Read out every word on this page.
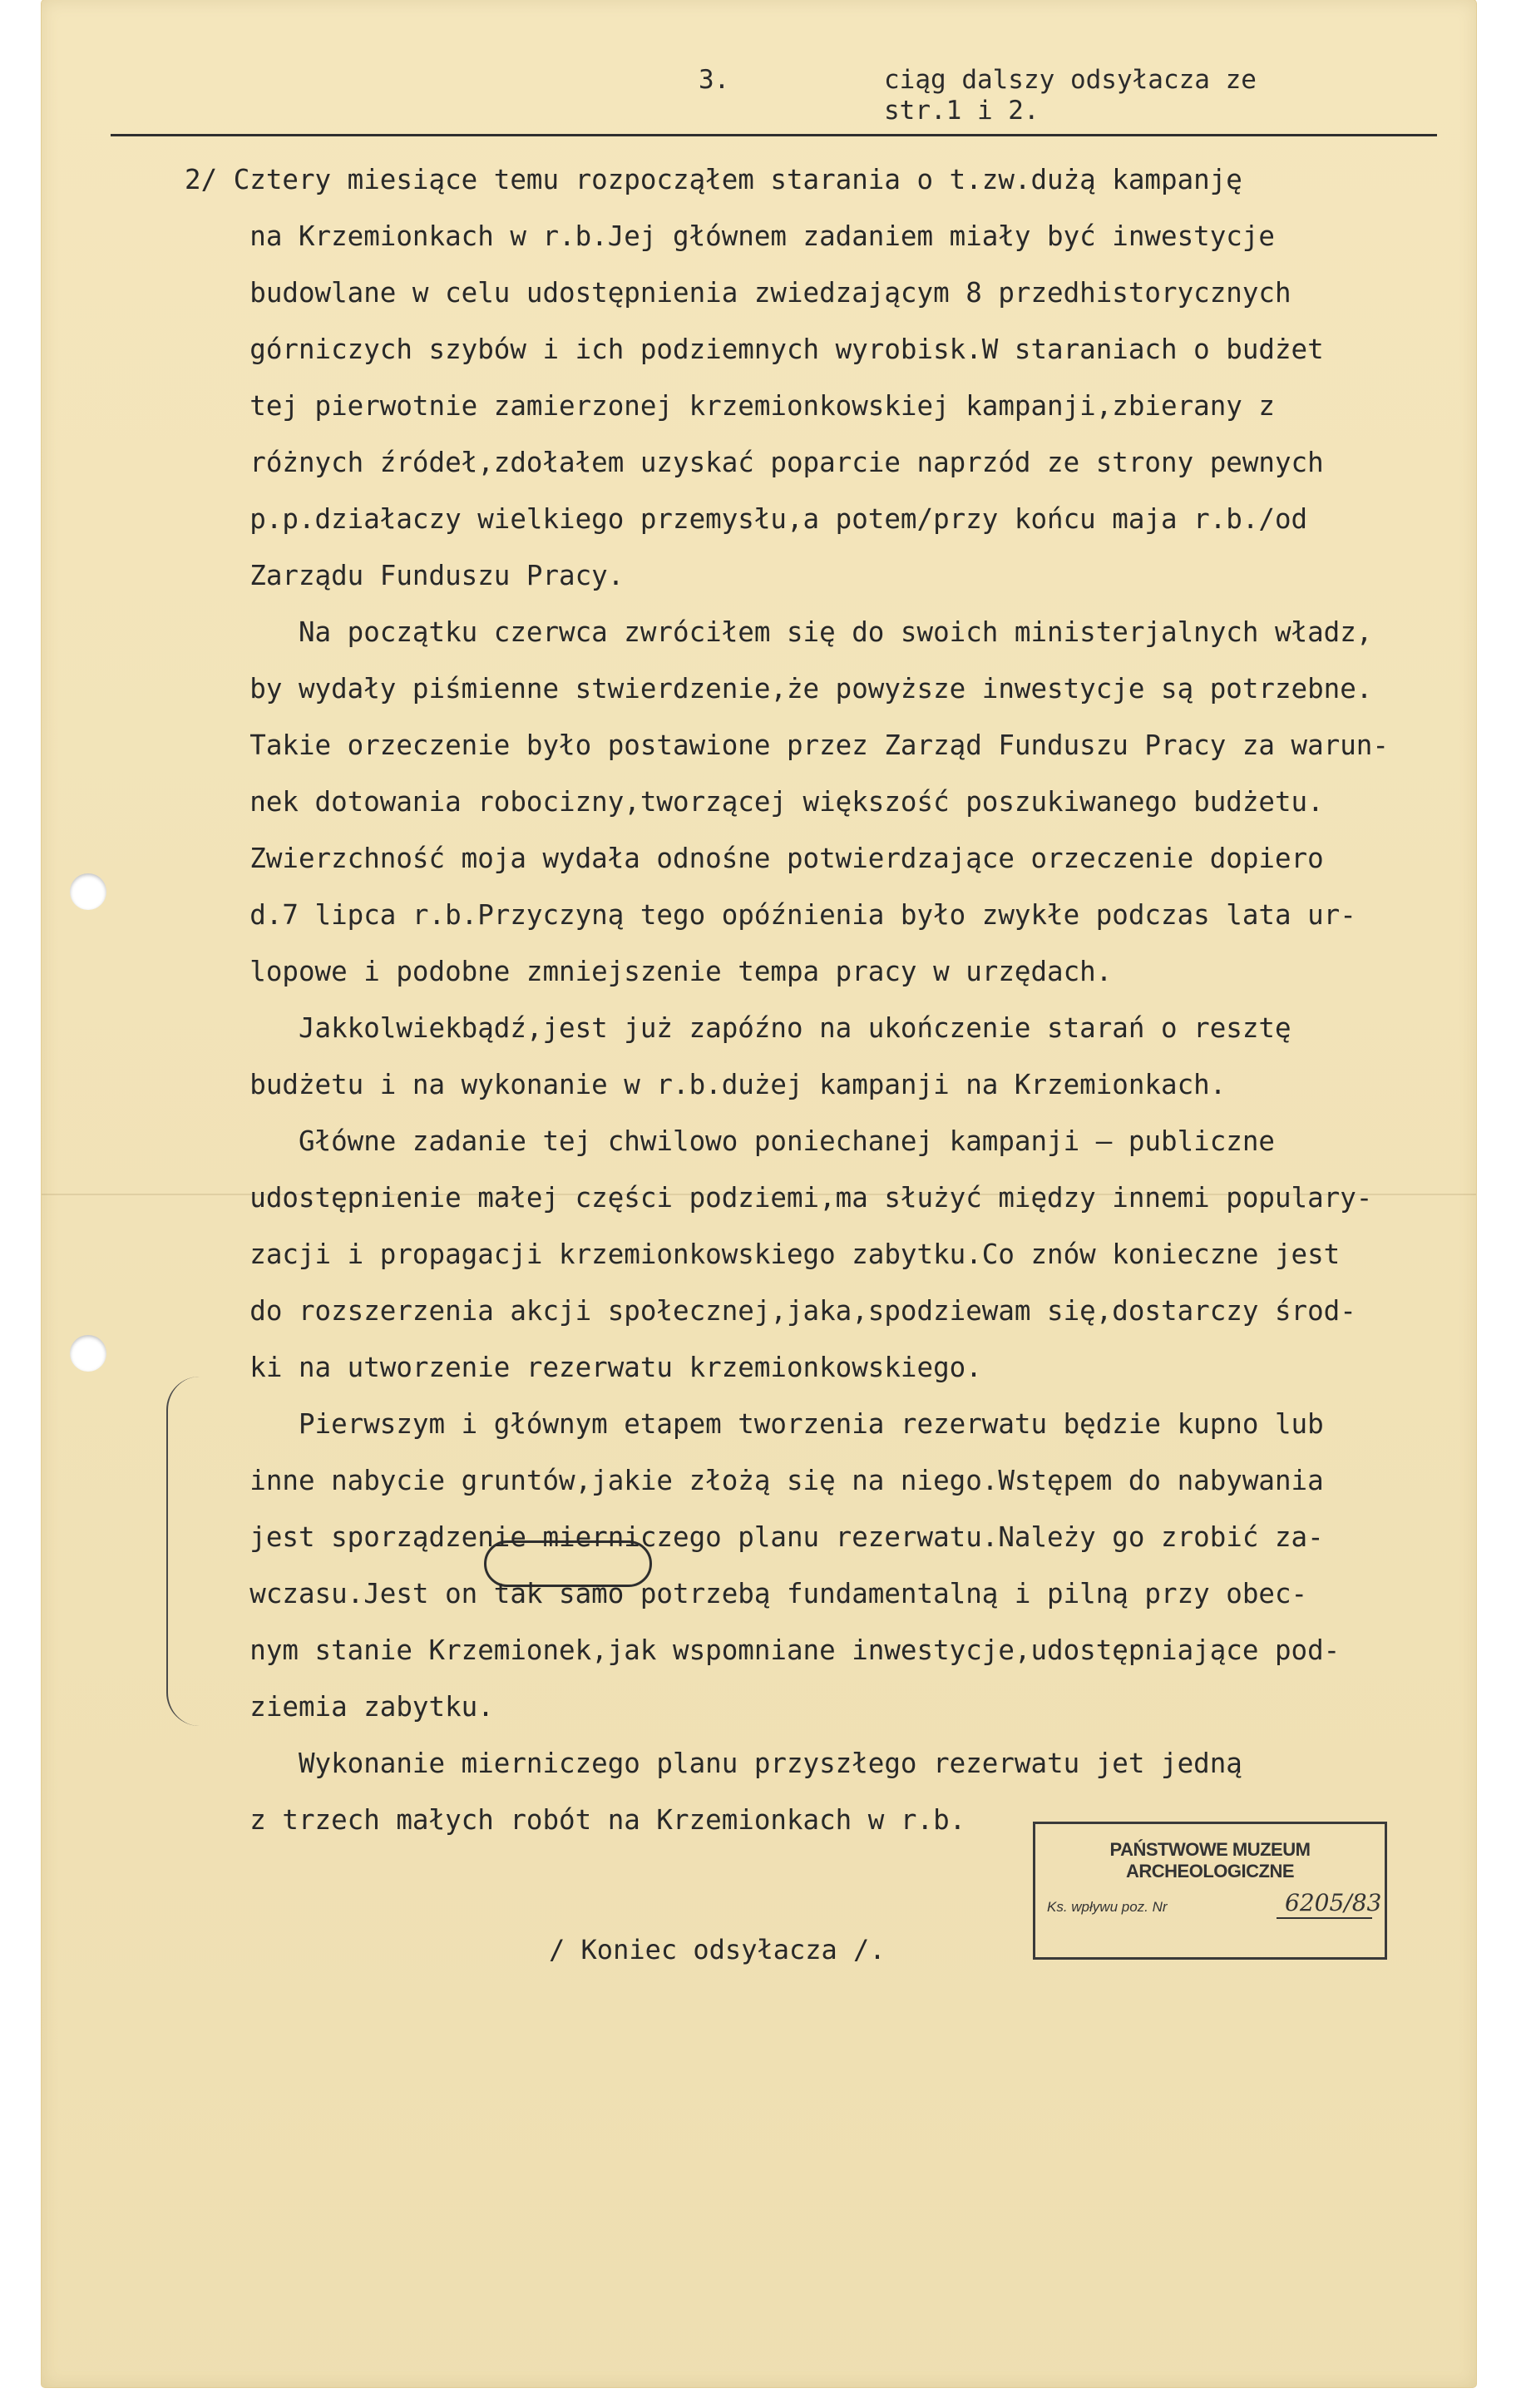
3.	ciąg dalszy odsyłacza ze
str.1 i 2.
2/ Cztery miesiące temu rozpocząłem starania o t.zw.dużą kampanję
na Krzemionkach w r.b.Jej głównem zadaniem miały być inwestycje
budowlane w celu udostępnienia zwiedzającym 8 przedhistorycznych
górniczych szybów i ich podziemnych wyrobisk.W staraniach o budżet
tej pierwotnie zamierzonej krzemionkowskiej kampanji,zbierany z
różnych źródeł,zdołałem uzyskać poparcie naprzód ze strony pewnych
p.p.działaczy wielkiego przemysłu,a potem/przy końcu maja r.b./od
Zarządu Funduszu Pracy.
Na początku czerwca zwróciłem się do swoich ministerjalnych władz,
by wydały piśmienne stwierdzenie,że powyższe inwestycje są potrzebne.
Takie orzeczenie było postawione przez Zarząd Funduszu Pracy za warun-
nek dotowania robocizny,tworzącej większość poszukiwanego budżetu.
Zwierzchność moja wydała odnośne potwierdzające orzeczenie dopiero
d.7 lipca r.b.Przyczyną tego opóźnienia było zwykłe podczas lata ur-
lopowe i podobne zmniejszenie tempa pracy w urzędach.
Jakkolwiekbądź,jest już zapóźno na ukończenie starań o resztę
budżetu i na wykonanie w r.b.dużej kampanji na Krzemionkach.
Główne zadanie tej chwilowo poniechanej kampanji — publiczne
udostępnienie małej części podziemi,ma służyć między innemi populary-
zacji i propagacji krzemionkowskiego zabytku.Co znów konieczne jest
do rozszerzenia akcji społecznej,jaka,spodziewam się,dostarczy środ-
ki na utworzenie rezerwatu krzemionkowskiego.
Pierwszym i głównym etapem tworzenia rezerwatu będzie kupno lub
inne nabycie gruntów,jakie złożą się na niego.Wstępem do nabywania
jest sporządzenie mierniczego planu rezerwatu.Należy go zrobić za-
wczasu.Jest on tak samo potrzebą fundamentalną i pilną przy obec-
nym stanie Krzemionek,jak wspomniane inwestycje,udostępniające pod-
ziemia zabytku.
Wykonanie mierniczego planu przyszłego rezerwatu jet jedną
z trzech małych robót na Krzemionkach w r.b.
PAŃSTWOWE MUZEUM ARCHEOLOGICZNE
Ks. wpływu poz. Nr	6205/83
/ Koniec odsyłacza /.
